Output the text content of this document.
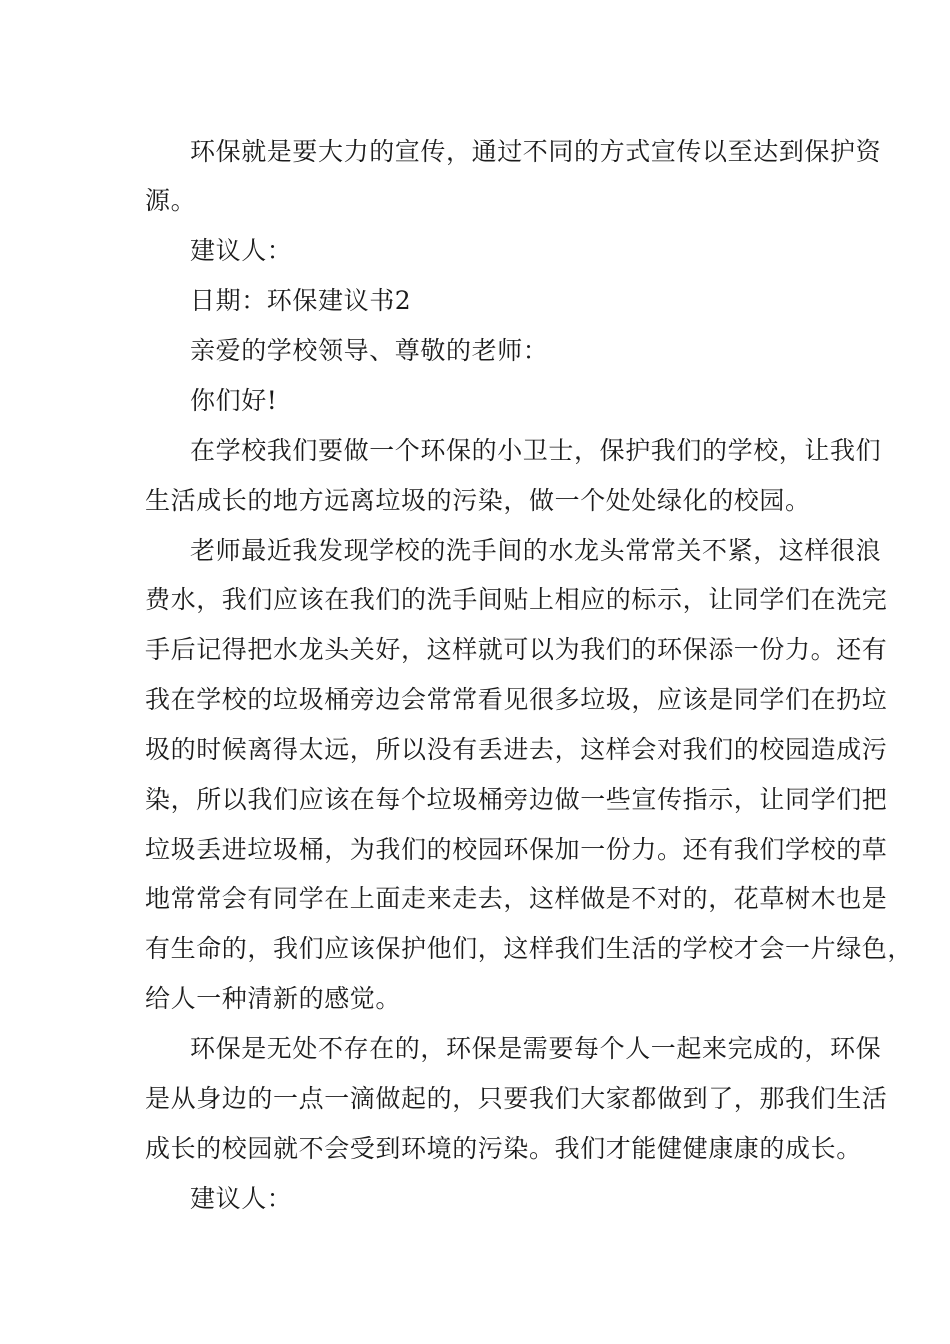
环保就是要大力的宣传，通过不同的方式宣传以至达到保护资
源。
建议人：
日期：环保建议书2
亲爱的学校领导、尊敬的老师：
你们好!
在学校我们要做一个环保的小卫士，保护我们的学校，让我们
生活成长的地方远离垃圾的污染，做一个处处绿化的校园。
老师最近我发现学校的洗手间的水龙头常常关不紧，这样很浪
费水，我们应该在我们的洗手间贴上相应的标示，让同学们在洗完
手后记得把水龙头关好，这样就可以为我们的环保添一份力。还有
我在学校的垃圾桶旁边会常常看见很多垃圾，应该是同学们在扔垃
圾的时候离得太远，所以没有丢进去，这样会对我们的校园造成污
染，所以我们应该在每个垃圾桶旁边做一些宣传指示，让同学们把
垃圾丢进垃圾桶，为我们的校园环保加一份力。还有我们学校的草
地常常会有同学在上面走来走去，这样做是不对的，花草树木也是
有生命的，我们应该保护他们，这样我们生活的学校才会一片绿色，
给人一种清新的感觉。
环保是无处不存在的，环保是需要每个人一起来完成的，环保
是从身边的一点一滴做起的，只要我们大家都做到了，那我们生活
成长的校园就不会受到环境的污染。我们才能健健康康的成长。
建议人：
